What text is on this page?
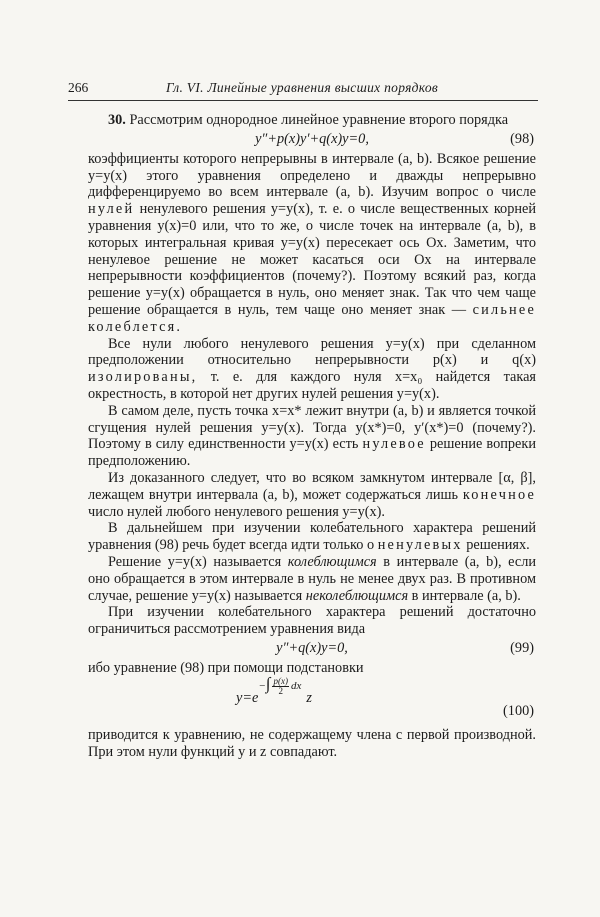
266	Гл. VI. Линейные уравнения высших порядков

30. Рассмотрим однородное линейное уравнение второго порядка

y″+p(x)y′+q(x)y=0,	(98)

коэффициенты которого непрерывны в интервале (a, b). Всякое решение y=y(x) этого уравнения определено и дважды непрерывно дифференцируемо во всем интервале (a, b). Изучим вопрос о числе нулей ненулевого решения y=y(x), т. е. о числе вещественных корней уравнения y(x)=0 или, что то же, о числе точек на интервале (a, b), в которых интегральная кривая y=y(x) пересекает ось Ox. Заметим, что ненулевое решение не может касаться оси Ox на интервале непрерывности коэффициентов (почему?). Поэтому всякий раз, когда решение y=y(x) обращается в нуль, оно меняет знак. Так что чем чаще решение обращается в нуль, тем чаще оно меняет знак — сильнее колеблется.

Все нули любого ненулевого решения y=y(x) при сделанном предположении относительно непрерывности p(x) и q(x) изолированы, т. е. для каждого нуля x=x₀ найдется такая окрестность, в которой нет других нулей решения y=y(x).

В самом деле, пусть точка x=x* лежит внутри (a, b) и является точкой сгущения нулей решения y=y(x). Тогда y(x*)=0, y′(x*)=0 (почему?). Поэтому в силу единственности y=y(x) есть нулевое решение вопреки предположению.

Из доказанного следует, что во всяком замкнутом интервале [α, β], лежащем внутри интервала (a, b), может содержаться лишь конечное число нулей любого ненулевого решения y=y(x).

В дальнейшем при изучении колебательного характера решений уравнения (98) речь будет всегда идти только о ненулевых решениях.

Решение y=y(x) называется колеблющимся в интервале (a, b), если оно обращается в этом интервале в нуль не менее двух раз. В противном случае, решение y=y(x) называется неколеблющимся в интервале (a, b).

При изучении колебательного характера решений достаточно ограничиться рассмотрением уравнения вида

y″+q(x)y=0,	(99)

ибо уравнение (98) при помощи подстановки

$y=e-\int \frac{p(x)}{2}$ dxz
(100)

приводится к уравнению, не содержащему члена с первой производной. При этом нули функций y и z совпадают.
